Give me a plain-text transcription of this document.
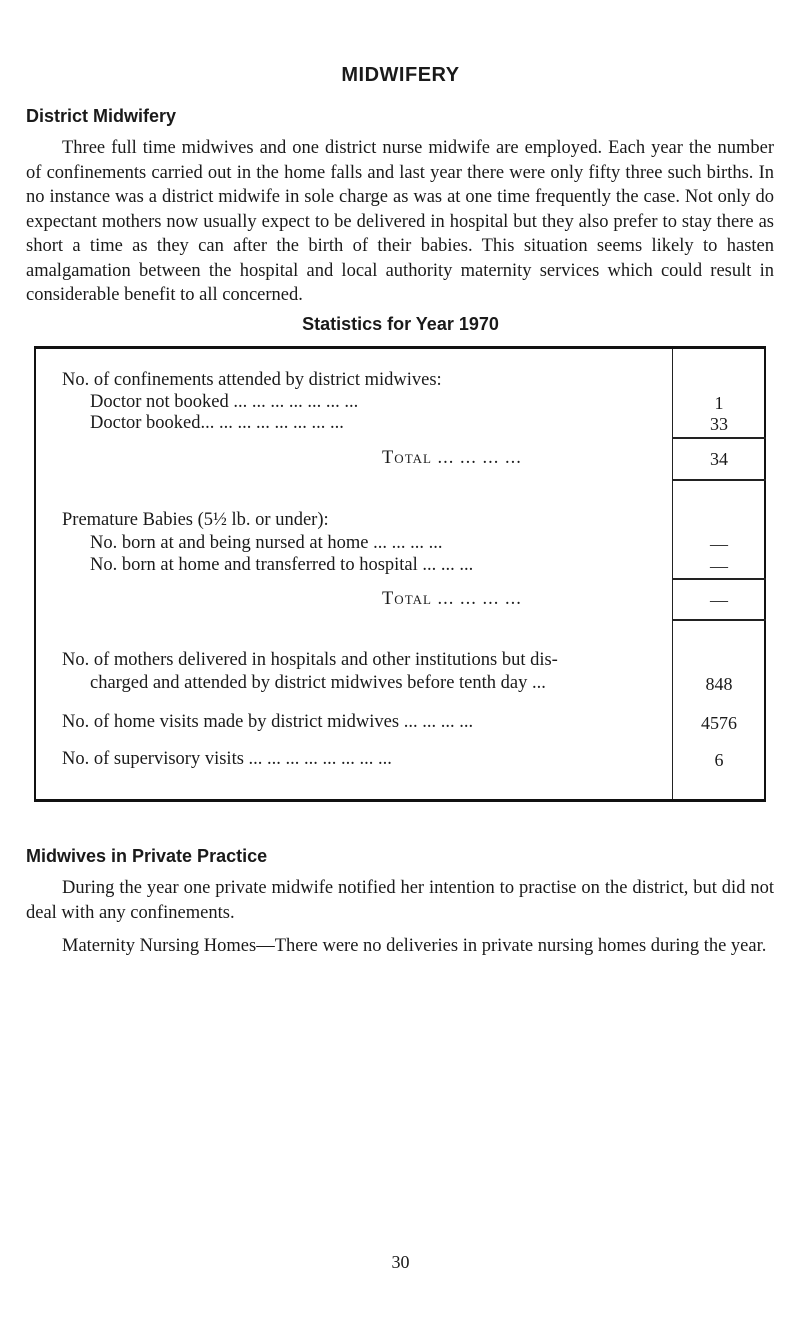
MIDWIFERY
District Midwifery

Three full time midwives and one district nurse midwife are employed. Each year the number of confinements carried out in the home falls and last year there were only fifty three such births. In no instance was a district midwife in sole charge as was at one time frequently the case. Not only do expectant mothers now usually expect to be delivered in hospital but they also prefer to stay there as short a time as they can after the birth of their babies. This situation seems likely to hasten amalgamation between the hospital and local authority maternity services which could result in considerable benefit to all concerned.

Statistics for Year 1970
No. of confinements attended by district midwives:
Doctor not booked ... ... ... ... ... ... ...	1
Doctor booked... ... ... ... ... ... ... ...	33
Total ... ... ... ...	34
Premature Babies (5½ lb. or under):
No. born at and being nursed at home ... ... ... ...	—
No. born at home and transferred to hospital ... ... ...	—
Total ... ... ... ...	—
No. of mothers delivered in hospitals and other institutions but dis-
charged and attended by district midwives before tenth day ...	848
No. of home visits made by district midwives ... ... ... ...	4576
No. of supervisory visits ... ... ... ... ... ... ... ...	6
Midwives in Private Practice

During the year one private midwife notified her intention to practise on the district, but did not deal with any confinements.

Maternity Nursing Homes—There were no deliveries in private nursing homes during the year.

30
